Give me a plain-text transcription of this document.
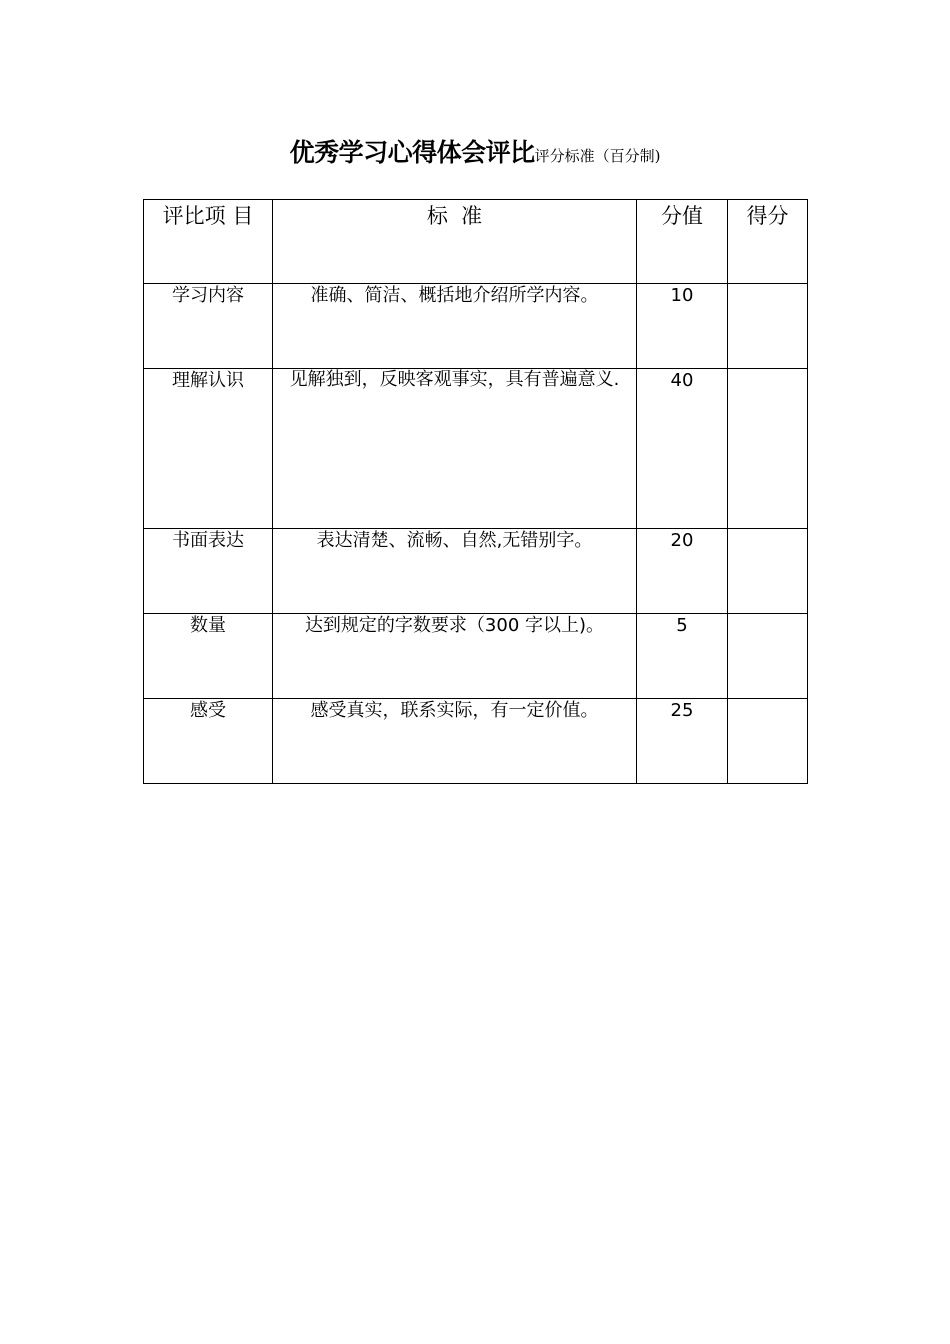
优秀学习心得体会评比评分标准（百分制)
评比项 目	标  准	分值	得分
学习内容	准确、简洁、概括地介绍所学内容。	10	
理解认识	见解独到，反映客观事实，具有普遍意义.	40	
书面表达	表达清楚、流畅、自然,无错别字。	20	
数量	达到规定的字数要求（300 字以上)。	5	
感受	感受真实，联系实际，有一定价值。	25	
